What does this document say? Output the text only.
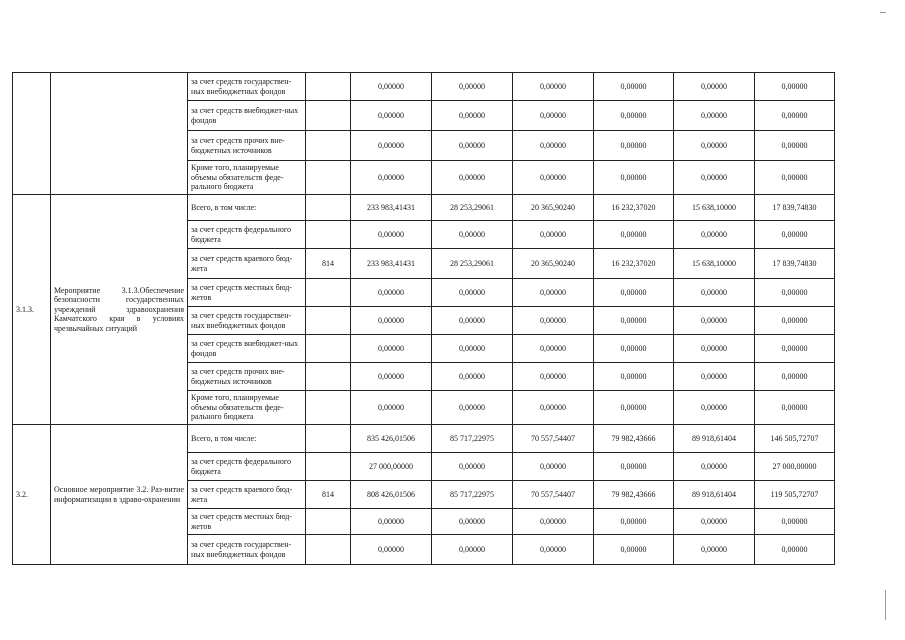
		за счет средств государствен-ных внебюджетных фондов		0,00000	0,00000	0,00000	0,00000	0,00000	0,00000
		за счет средств внебюджет-ных фондов		0,00000	0,00000	0,00000	0,00000	0,00000	0,00000
		за счет средств прочих вне-бюджетных источников		0,00000	0,00000	0,00000	0,00000	0,00000	0,00000
		Кроме того, планируемые объемы обязательств феде-рального бюджета		0,00000	0,00000	0,00000	0,00000	0,00000	0,00000
3.1.3.	Мероприятие 3.1.3.Обеспечение безопасности государственных учреждений здравоохранения Камчатского края в условиях чрезвычайных ситуаций	Всего, в том числе:		233 983,41431	28 253,29061	20 365,90240	16 232,37020	15 638,10000	17 839,74830
		за счет средств федерального бюджета		0,00000	0,00000	0,00000	0,00000	0,00000	0,00000
		за счет средств краевого бюд-жета	814	233 983,41431	28 253,29061	20 365,90240	16 232,37020	15 638,10000	17 839,74830
		за счет средств местных бюд-жетов		0,00000	0,00000	0,00000	0,00000	0,00000	0,00000
		за счет средств государствен-ных внебюджетных фондов		0,00000	0,00000	0,00000	0,00000	0,00000	0,00000
		за счет средств внебюджет-ных фондов		0,00000	0,00000	0,00000	0,00000	0,00000	0,00000
		за счет средств прочих вне-бюджетных источников		0,00000	0,00000	0,00000	0,00000	0,00000	0,00000
		Кроме того, планируемые объемы обязательств феде-рального бюджета		0,00000	0,00000	0,00000	0,00000	0,00000	0,00000
3.2.	Основное мероприятие 3.2. Раз-витие информатизации в здраво-охранении	Всего, в том числе:		835 426,01506	85 717,22975	70 557,54407	79 982,43666	89 918,61404	146 505,72707
		за счет средств федерального бюджета		27 000,00000	0,00000	0,00000	0,00000	0,00000	27 000,00000
		за счет средств краевого бюд-жета	814	808 426,01506	85 717,22975	70 557,54407	79 982,43666	89 918,61404	119 505,72707
		за счет средств местных бюд-жетов		0,00000	0,00000	0,00000	0,00000	0,00000	0,00000
		за счет средств государствен-ных внебюджетных фондов		0,00000	0,00000	0,00000	0,00000	0,00000	0,00000
